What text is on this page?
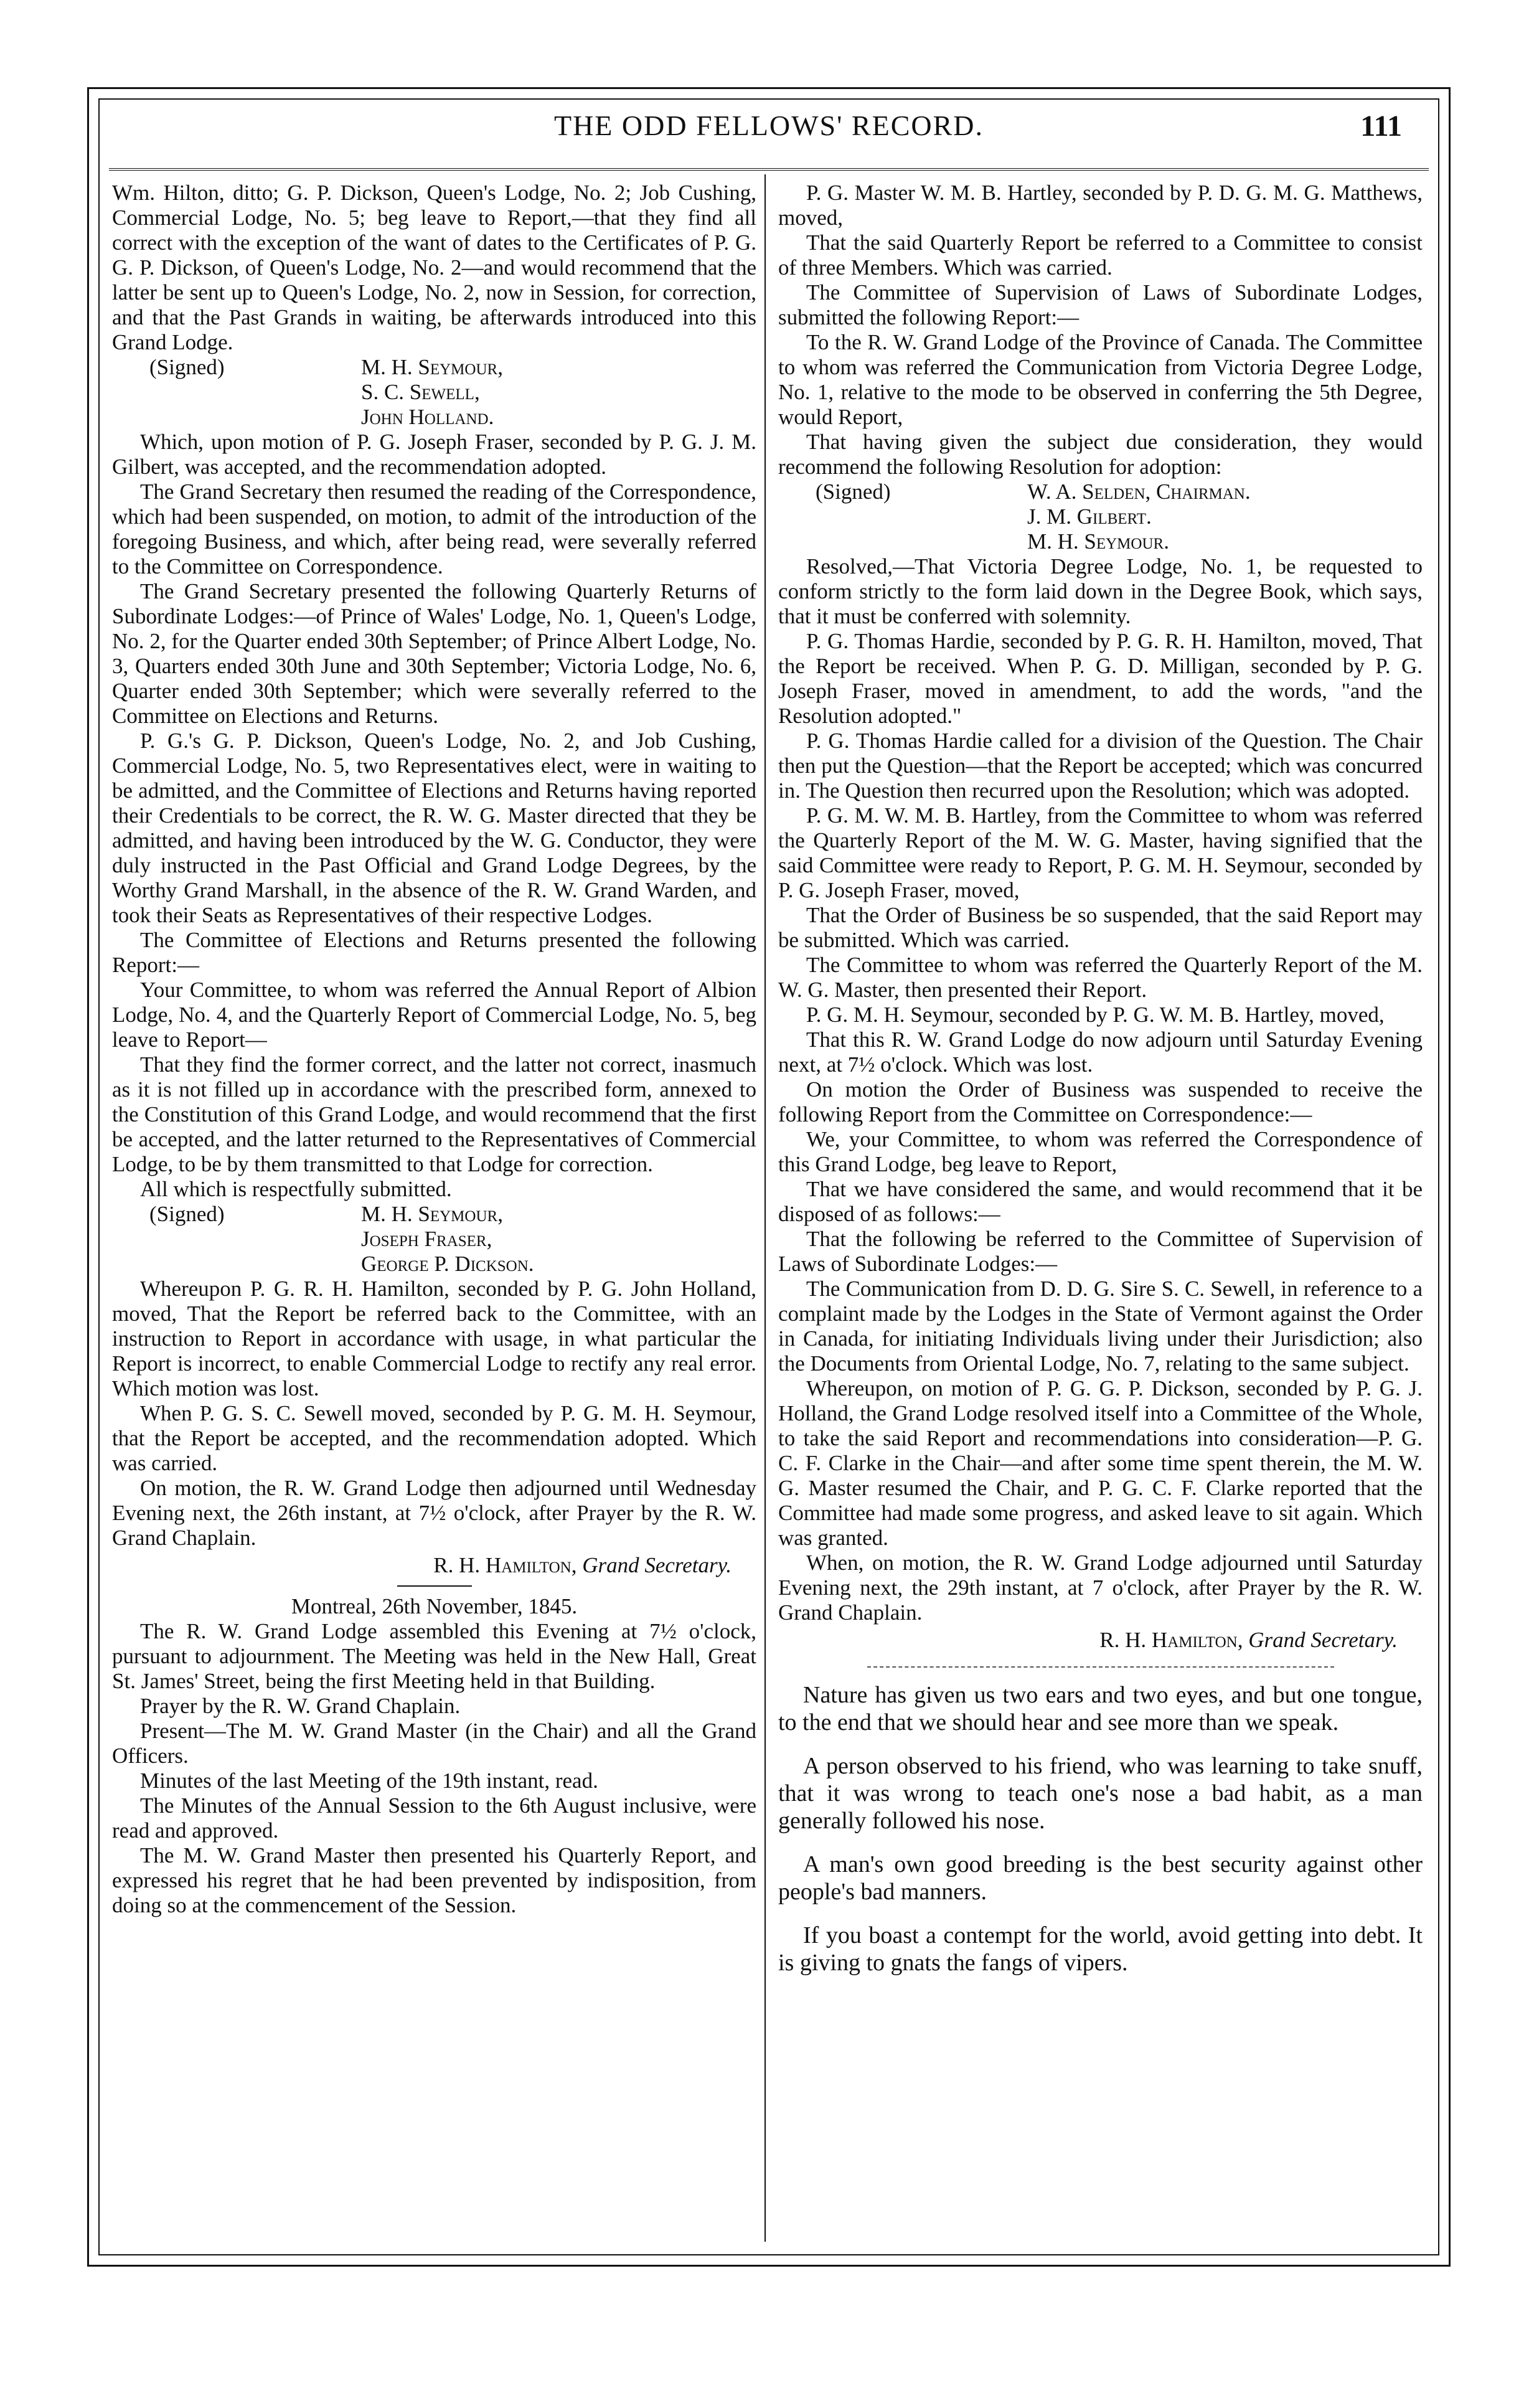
THE ODD FELLOWS' RECORD.	111

Wm. Hilton, ditto; G. P. Dickson, Queen's Lodge, No. 2; Job Cushing, Commercial Lodge, No. 5; beg leave to Report,—that they find all correct with the exception of the want of dates to the Certificates of P. G. G. P. Dickson, of Queen's Lodge, No. 2—and would recommend that the latter be sent up to Queen's Lodge, No. 2, now in Session, for correction, and that the Past Grands in waiting, be afterwards introduced into this Grand Lodge.

(Signed)	M. H. Seymour,
S. C. Sewell,
John Holland.

Which, upon motion of P. G. Joseph Fraser, seconded by P. G. J. M. Gilbert, was accepted, and the recommendation adopted.

The Grand Secretary then resumed the reading of the Correspondence, which had been suspended, on motion, to admit of the introduction of the foregoing Business, and which, after being read, were severally referred to the Committee on Correspondence.

The Grand Secretary presented the following Quarterly Returns of Subordinate Lodges:—of Prince of Wales' Lodge, No. 1, Queen's Lodge, No. 2, for the Quarter ended 30th September; of Prince Albert Lodge, No. 3, Quarters ended 30th June and 30th September; Victoria Lodge, No. 6, Quarter ended 30th September; which were severally referred to the Committee on Elections and Returns.

P. G.'s G. P. Dickson, Queen's Lodge, No. 2, and Job Cushing, Commercial Lodge, No. 5, two Representatives elect, were in waiting to be admitted, and the Committee of Elections and Returns having reported their Credentials to be correct, the R. W. G. Master directed that they be admitted, and having been introduced by the W. G. Conductor, they were duly instructed in the Past Official and Grand Lodge Degrees, by the Worthy Grand Marshall, in the absence of the R. W. Grand Warden, and took their Seats as Representatives of their respective Lodges.

The Committee of Elections and Returns presented the following Report:—

Your Committee, to whom was referred the Annual Report of Albion Lodge, No. 4, and the Quarterly Report of Commercial Lodge, No. 5, beg leave to Report—

That they find the former correct, and the latter not correct, inasmuch as it is not filled up in accordance with the prescribed form, annexed to the Constitution of this Grand Lodge, and would recommend that the first be accepted, and the latter returned to the Representatives of Commercial Lodge, to be by them transmitted to that Lodge for correction.

All which is respectfully submitted.

(Signed)	M. H. Seymour,
Joseph Fraser,
George P. Dickson.

Whereupon P. G. R. H. Hamilton, seconded by P. G. John Holland, moved, That the Report be referred back to the Committee, with an instruction to Report in accordance with usage, in what particular the Report is incorrect, to enable Commercial Lodge to rectify any real error. Which motion was lost.

When P. G. S. C. Sewell moved, seconded by P. G. M. H. Seymour, that the Report be accepted, and the recommendation adopted. Which was carried.

On motion, the R. W. Grand Lodge then adjourned until Wednesday Evening next, the 26th instant, at 7½ o'clock, after Prayer by the R. W. Grand Chaplain.

R. H. Hamilton, Grand Secretary.

Montreal, 26th November, 1845.

The R. W. Grand Lodge assembled this Evening at 7½ o'clock, pursuant to adjournment. The Meeting was held in the New Hall, Great St. James' Street, being the first Meeting held in that Building.

Prayer by the R. W. Grand Chaplain.

Present—The M. W. Grand Master (in the Chair) and all the Grand Officers.

Minutes of the last Meeting of the 19th instant, read.

The Minutes of the Annual Session to the 6th August inclusive, were read and approved.

The M. W. Grand Master then presented his Quarterly Report, and expressed his regret that he had been prevented by indisposition, from doing so at the commencement of the Session.

P. G. Master W. M. B. Hartley, seconded by P. D. G. M. G. Matthews, moved,

That the said Quarterly Report be referred to a Committee to consist of three Members. Which was carried.

The Committee of Supervision of Laws of Subordinate Lodges, submitted the following Report:—

To the R. W. Grand Lodge of the Province of Canada. The Committee to whom was referred the Communication from Victoria Degree Lodge, No. 1, relative to the mode to be observed in conferring the 5th Degree, would Report,

That having given the subject due consideration, they would recommend the following Resolution for adoption:

(Signed)	W. A. Selden, Chairman.
J. M. Gilbert.
M. H. Seymour.

Resolved,—That Victoria Degree Lodge, No. 1, be requested to conform strictly to the form laid down in the Degree Book, which says, that it must be conferred with solemnity.

P. G. Thomas Hardie, seconded by P. G. R. H. Hamilton, moved, That the Report be received. When P. G. D. Milligan, seconded by P. G. Joseph Fraser, moved in amendment, to add the words, "and the Resolution adopted."

P. G. Thomas Hardie called for a division of the Question. The Chair then put the Question—that the Report be accepted; which was concurred in. The Question then recurred upon the Resolution; which was adopted.

P. G. M. W. M. B. Hartley, from the Committee to whom was referred the Quarterly Report of the M. W. G. Master, having signified that the said Committee were ready to Report, P. G. M. H. Seymour, seconded by P. G. Joseph Fraser, moved,

That the Order of Business be so suspended, that the said Report may be submitted. Which was carried.

The Committee to whom was referred the Quarterly Report of the M. W. G. Master, then presented their Report.

P. G. M. H. Seymour, seconded by P. G. W. M. B. Hartley, moved,

That this R. W. Grand Lodge do now adjourn until Saturday Evening next, at 7½ o'clock. Which was lost.

On motion the Order of Business was suspended to receive the following Report from the Committee on Correspondence:—

We, your Committee, to whom was referred the Correspondence of this Grand Lodge, beg leave to Report,

That we have considered the same, and would recommend that it be disposed of as follows:—

That the following be referred to the Committee of Supervision of Laws of Subordinate Lodges:—

The Communication from D. D. G. Sire S. C. Sewell, in reference to a complaint made by the Lodges in the State of Vermont against the Order in Canada, for initiating Individuals living under their Jurisdiction; also the Documents from Oriental Lodge, No. 7, relating to the same subject.

Whereupon, on motion of P. G. G. P. Dickson, seconded by P. G. J. Holland, the Grand Lodge resolved itself into a Committee of the Whole, to take the said Report and recommendations into consideration—P. G. C. F. Clarke in the Chair—and after some time spent therein, the M. W. G. Master resumed the Chair, and P. G. C. F. Clarke reported that the Committee had made some progress, and asked leave to sit again. Which was granted.

When, on motion, the R. W. Grand Lodge adjourned until Saturday Evening next, the 29th instant, at 7 o'clock, after Prayer by the R. W. Grand Chaplain.

R. H. Hamilton, Grand Secretary.

Nature has given us two ears and two eyes, and but one tongue, to the end that we should hear and see more than we speak.

A person observed to his friend, who was learning to take snuff, that it was wrong to teach one's nose a bad habit, as a man generally followed his nose.

A man's own good breeding is the best security against other people's bad manners.

If you boast a contempt for the world, avoid getting into debt. It is giving to gnats the fangs of vipers.
